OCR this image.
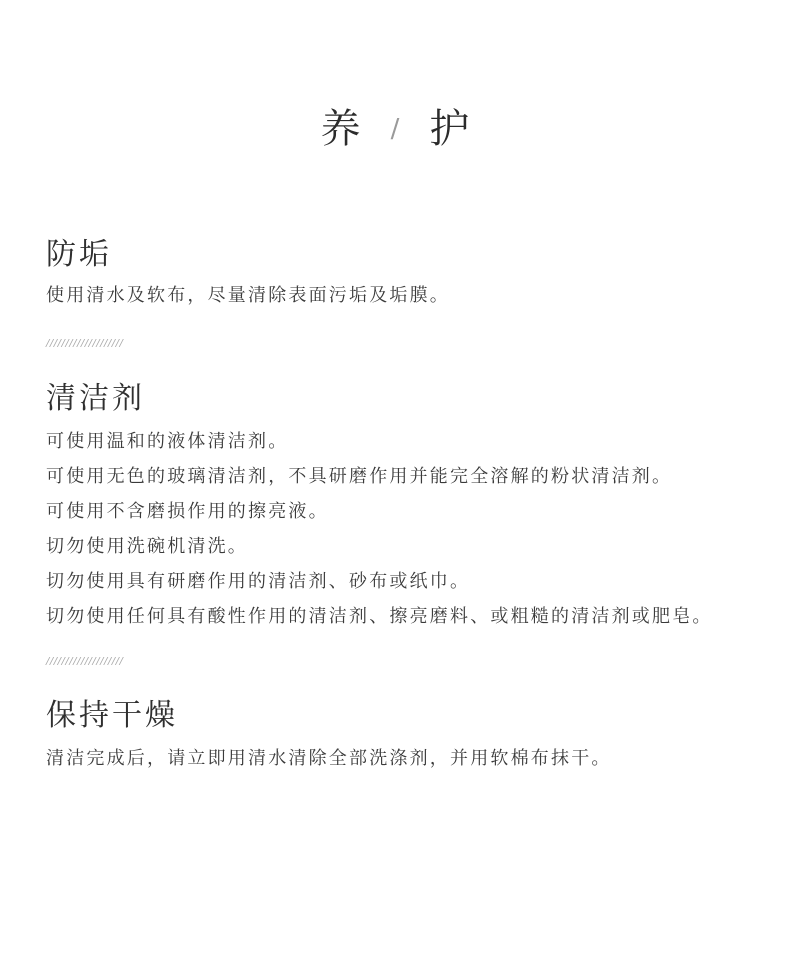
养 / 护
防垢
使用清水及软布，尽量清除表面污垢及垢膜。
////////////////////
清洁剂
可使用温和的液体清洁剂。
可使用无色的玻璃清洁剂，不具研磨作用并能完全溶解的粉状清洁剂。
可使用不含磨损作用的擦亮液。
切勿使用洗碗机清洗。
切勿使用具有研磨作用的清洁剂、砂布或纸巾。
切勿使用任何具有酸性作用的清洁剂、擦亮磨料、或粗糙的清洁剂或肥皂。
////////////////////
保持干燥
清洁完成后，请立即用清水清除全部洗涤剂，并用软棉布抹干。
